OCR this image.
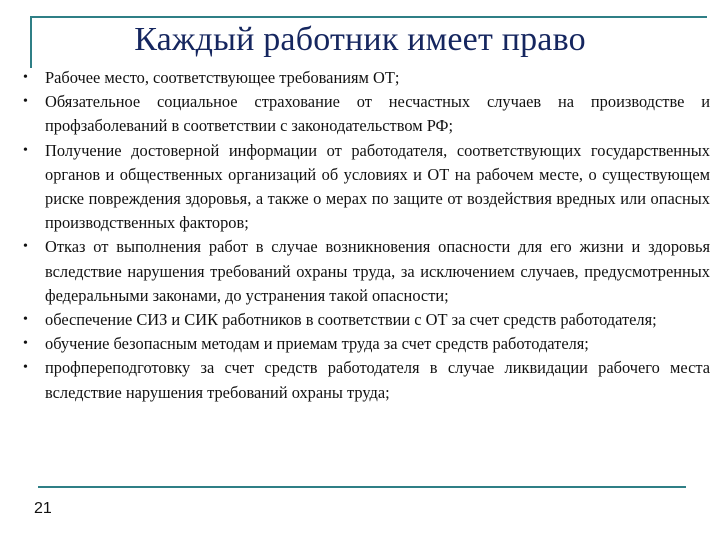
Каждый работник имеет право
• Рабочее место, соответствующее требованиям ОТ;
• Обязательное социальное страхование от несчастных случаев на производстве и профзаболеваний в соответствии с законодательством РФ;
• Получение достоверной информации от работодателя, соответствующих государственных органов и общественных организаций об условиях и ОТ на рабочем месте, о существующем риске повреждения здоровья, а также о мерах по защите от воздействия вредных или опасных производственных факторов;
• Отказ от выполнения работ в случае возникновения опасности для его жизни и здоровья вследствие нарушения требований охраны труда, за исключением случаев, предусмотренных федеральными законами, до устранения такой опасности;
• обеспечение СИЗ и СИК работников в соответствии с ОТ за счет средств работодателя;
• обучение безопасным методам и приемам труда за счет средств работодателя;
• профпереподготовку за счет средств работодателя в случае ликвидации рабочего места вследствие нарушения требований охраны труда;
21
